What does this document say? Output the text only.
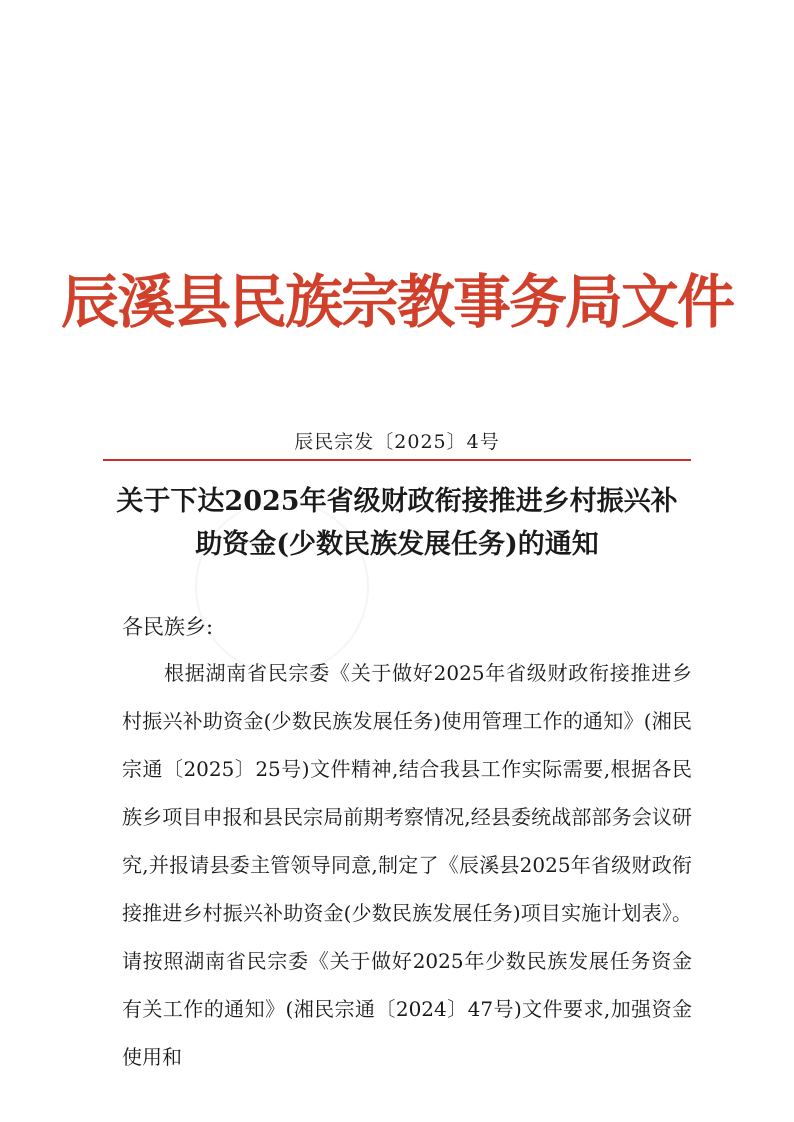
辰溪县民族宗教事务局文件
辰民宗发〔2025〕4号
关于下达2025年省级财政衔接推进乡村振兴补助资金(少数民族发展任务)的通知
各民族乡:

根据湖南省民宗委《关于做好2025年省级财政衔接推进乡村振兴补助资金(少数民族发展任务)使用管理工作的通知》(湘民宗通〔2025〕25号)文件精神,结合我县工作实际需要,根据各民族乡项目申报和县民宗局前期考察情况,经县委统战部部务会议研究,并报请县委主管领导同意,制定了《辰溪县2025年省级财政衔接推进乡村振兴补助资金(少数民族发展任务)项目实施计划表》。请按照湖南省民宗委《关于做好2025年少数民族发展任务资金有关工作的通知》(湘民宗通〔2024〕47号)文件要求,加强资金使用和
